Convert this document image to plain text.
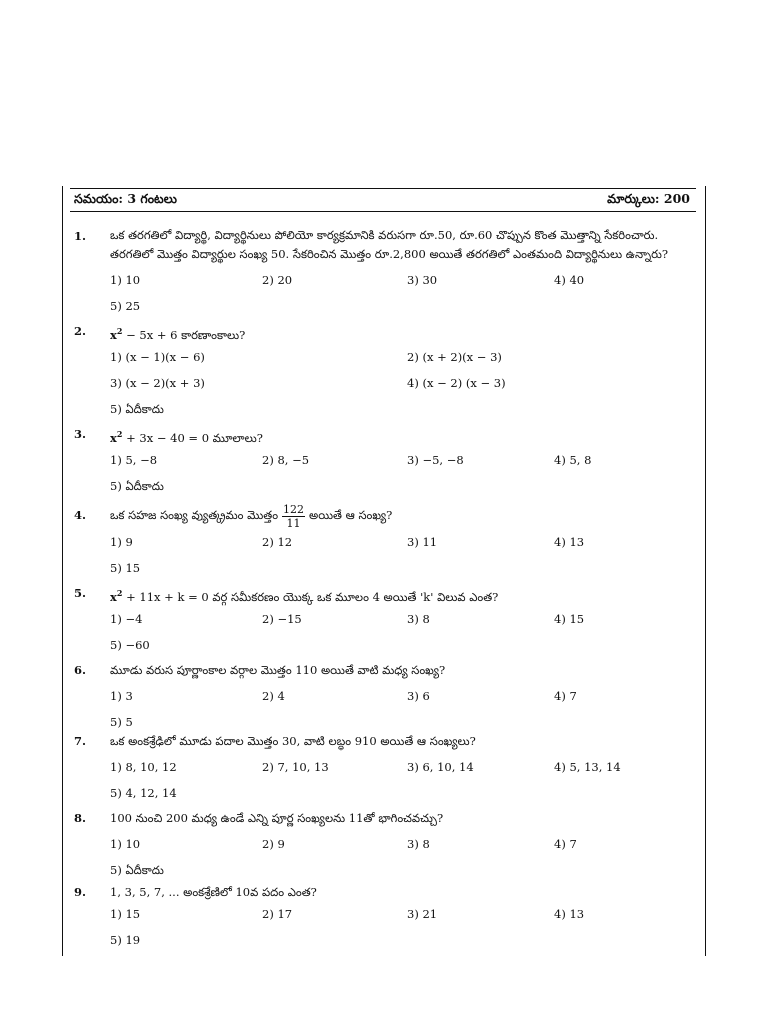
సమయం: 3 గంటలు	మార్కులు: 200
1. ఒక తరగతిలో విద్యార్థి, విద్యార్థినులు పోలియో కార్యక్రమానికి వరుసగా రూ.50, రూ.60 చొప్పున కొంత మొత్తాన్ని సేకరించారు. తరగతిలో మొత్తం విద్యార్థుల సంఖ్య 50. సేకరించిన మొత్తం రూ.2,800 అయితే తరగతిలో ఎంతమంది విద్యార్థినులు ఉన్నారు?
1) 10	2) 20	3) 30	4) 40
5) 25
2. $x^2 - 5x + 6$ కారణాంకాలు?
1) (x − 1)(x − 6)	2) (x + 2)(x − 3)
3) (x − 2)(x + 3)	4) (x − 2) (x − 3)
5) ఏదీకాదు
3. $x^2 + 3x - 40 = 0$ మూలాలు?
1) 5, −8	2) 8, −5	3) −5, −8	4) 5, 8
5) ఏదీకాదు
4. ఒక సహజ సంఖ్య వ్యుత్క్రమం మొత్తం $\frac{122}{11}$ అయితే ఆ సంఖ్య?
1) 9	2) 12	3) 11	4) 13
5) 15
5. $x^2 + 11x + k = 0$ వర్గ సమీకరణం యొక్క ఒక మూలం 4 అయితే 'k' విలువ ఎంత?
1) −4	2) −15	3) 8	4) 15
5) −60
6. మూడు వరుస పూర్ణాంకాల వర్గాల మొత్తం 110 అయితే వాటి మధ్య సంఖ్య?
1) 3	2) 4	3) 6	4) 7
5) 5
7. ఒక అంకశ్రేఢిలో మూడు పదాల మొత్తం 30, వాటి లబ్ధం 910 అయితే ఆ సంఖ్యలు?
1) 8, 10, 12	2) 7, 10, 13	3) 6, 10, 14	4) 5, 13, 14
5) 4, 12, 14
8. 100 నుంచి 200 మధ్య ఉండే ఎన్ని పూర్ణ సంఖ్యలను 11తో భాగించవచ్చు?
1) 10	2) 9	3) 8	4) 7
5) ఏదీకాదు
9. 1, 3, 5, 7, ... అంకశ్రేణిలో 10వ పదం ఎంత?
1) 15	2) 17	3) 21	4) 13
5) 19
